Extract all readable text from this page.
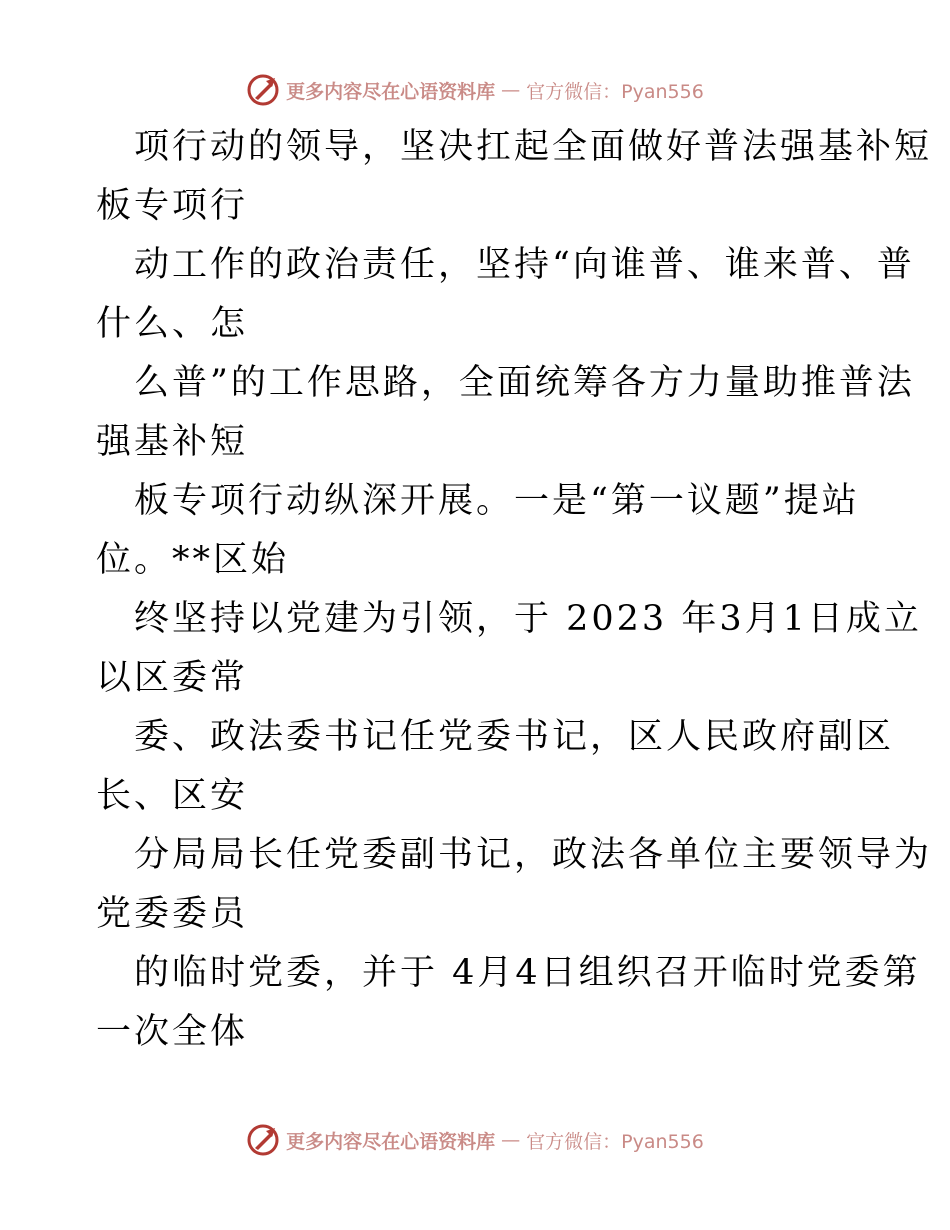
更多内容尽在心语资料库 — 官方微信：Pyan556
项行动的领导，坚决扛起全面做好普法强基补短
板专项行
动工作的政治责任，坚持“向谁普、谁来普、普
什么、怎
么普”的工作思路，全面统筹各方力量助推普法
强基补短
板专项行动纵深开展。一是“第一议题”提站
位。**区始
终坚持以党建为引领，于 2023 年3月1日成立
以区委常
委、政法委书记任党委书记，区人民政府副区
长、区安
分局局长任党委副书记，政法各单位主要领导为
党委委员
的临时党委，并于 4月4日组织召开临时党委第
一次全体
更多内容尽在心语资料库 — 官方微信：Pyan556
